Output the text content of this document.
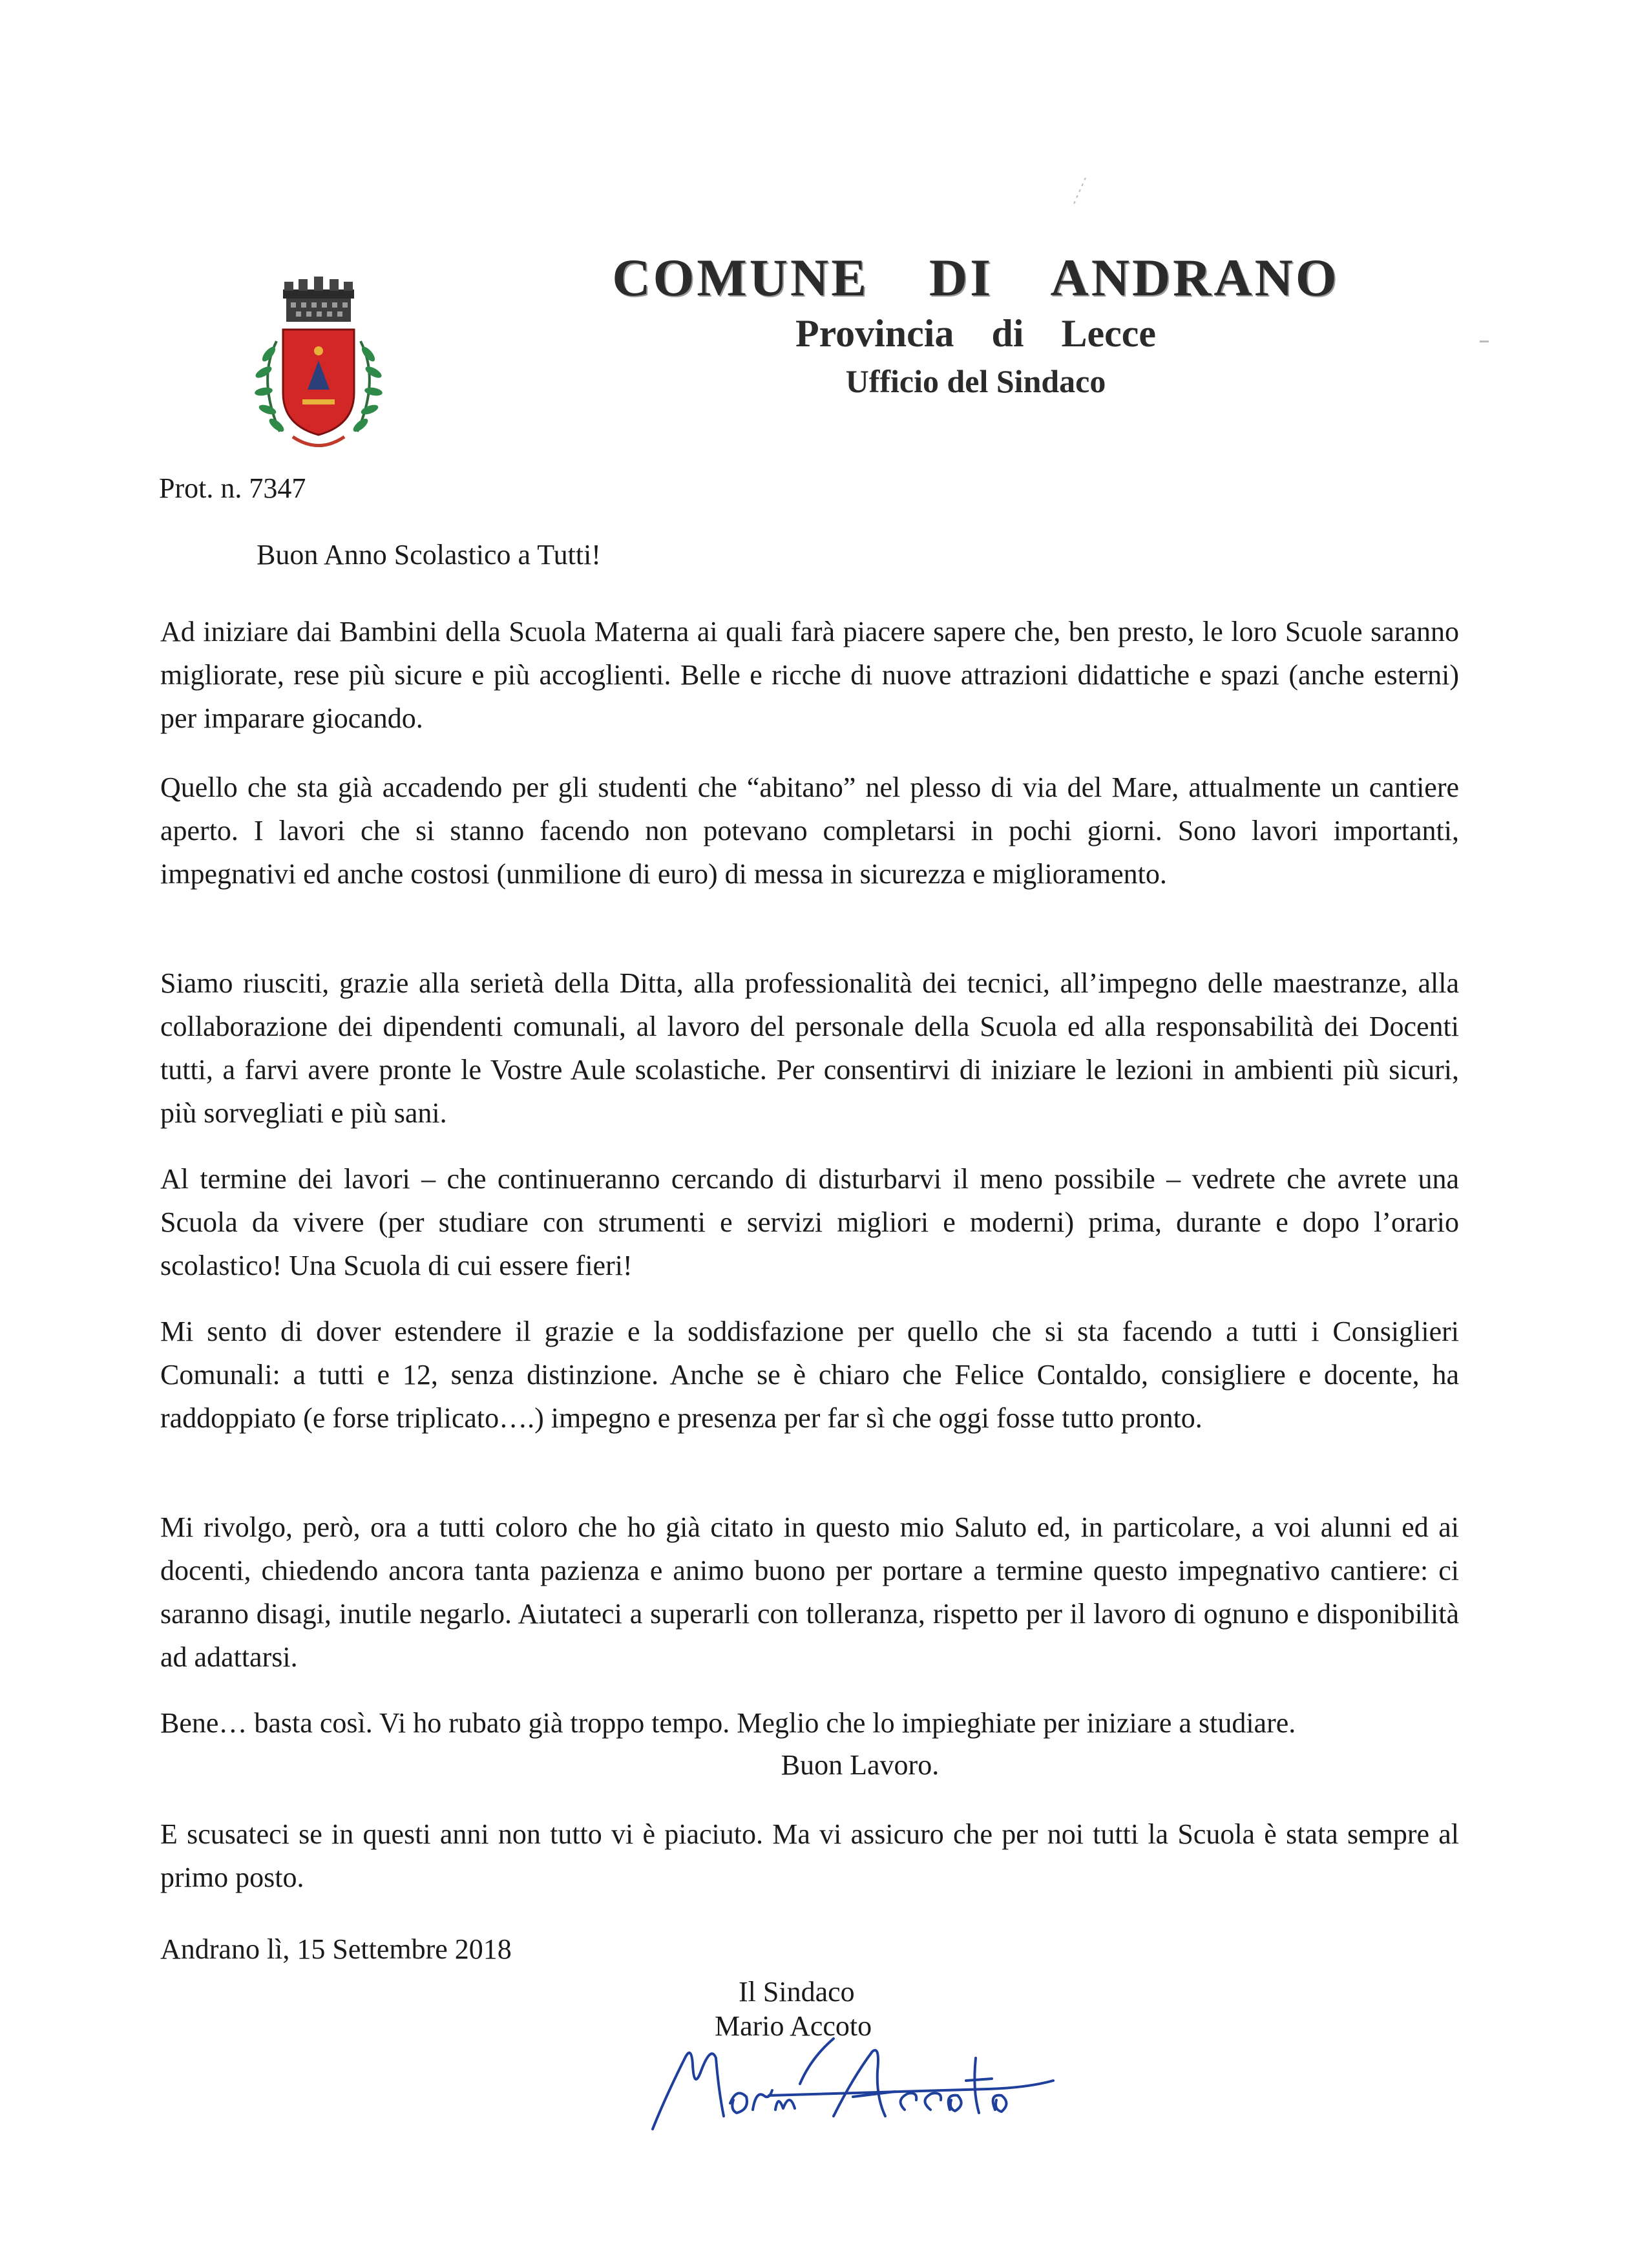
COMUNE  DI  ANDRANO
Provincia  di  Lecce
Ufficio del Sindaco
Prot. n. 7347
Buon Anno Scolastico a Tutti!
Ad iniziare dai Bambini della Scuola Materna ai quali farà piacere sapere che, ben presto, le loro Scuole saranno migliorate, rese più sicure e più accoglienti. Belle e ricche di nuove attrazioni didattiche e spazi (anche esterni) per imparare giocando.
Quello che sta già accadendo per gli studenti che “abitano” nel plesso di via del Mare, attualmente un cantiere aperto. I lavori che si stanno facendo non potevano completarsi in pochi giorni. Sono lavori importanti, impegnativi ed anche costosi (unmilione di euro) di messa in sicurezza e miglioramento.
Siamo riusciti, grazie alla serietà della Ditta, alla professionalità dei tecnici, all’impegno delle maestranze, alla collaborazione dei dipendenti comunali, al lavoro del personale della Scuola ed alla responsabilità dei Docenti tutti, a farvi avere pronte le Vostre Aule scolastiche. Per consentirvi di iniziare le lezioni in ambienti più sicuri, più sorvegliati e più sani.
Al termine dei lavori – che continueranno cercando di disturbarvi il meno possibile – vedrete che avrete una Scuola da vivere (per studiare con strumenti e servizi migliori e moderni) prima, durante e dopo l’orario scolastico! Una Scuola di cui essere fieri!
Mi sento di dover estendere il grazie e la soddisfazione per quello che si sta facendo a tutti i Consiglieri Comunali: a tutti e 12, senza distinzione. Anche se è chiaro che Felice Contaldo, consigliere e docente, ha raddoppiato (e forse triplicato….) impegno e presenza per far sì che oggi fosse tutto pronto.
Mi rivolgo, però, ora a tutti coloro che ho già citato in questo mio Saluto ed, in particolare, a voi alunni ed ai docenti, chiedendo ancora tanta pazienza e animo buono per portare a termine questo impegnativo cantiere: ci saranno disagi, inutile negarlo. Aiutateci a superarli con tolleranza, rispetto per il lavoro di ognuno e disponibilità ad adattarsi.
Bene… basta così. Vi ho rubato già troppo tempo. Meglio che lo impieghiate per iniziare a studiare.
Buon Lavoro.
E scusateci se in questi anni non tutto vi è piaciuto. Ma vi assicuro che per noi tutti la Scuola è stata sempre al primo posto.
Andrano lì, 15 Settembre 2018
Il Sindaco
Mario Accoto
